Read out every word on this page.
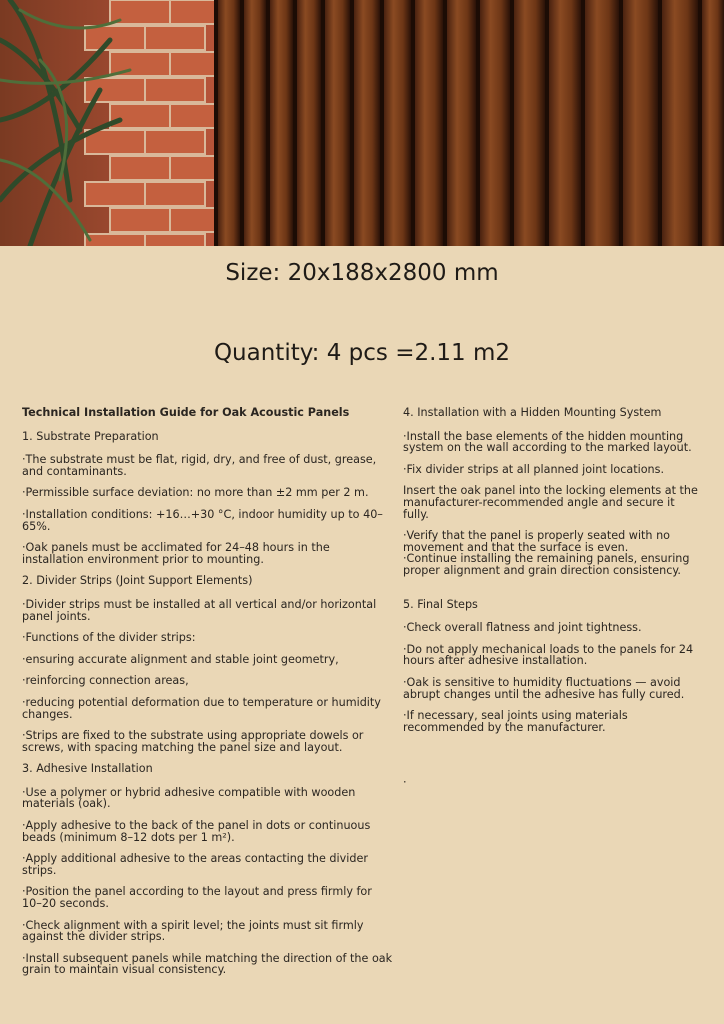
Size: 20x188x2800 mm
Quantity: 4 pcs =2.11 m2

Technical Installation Guide for Oak Acoustic Panels

1. Substrate Preparation

·The substrate must be flat, rigid, dry, and free of dust, grease, and contaminants.

·Permissible surface deviation: no more than ±2 mm per 2 m.

·Installation conditions: +16…+30 °C, indoor humidity up to 40–65%.

·Oak panels must be acclimated for 24–48 hours in the installation environment prior to mounting.

2. Divider Strips (Joint Support Elements)

·Divider strips must be installed at all vertical and/or horizontal panel joints.

·Functions of the divider strips:

·ensuring accurate alignment and stable joint geometry,

·reinforcing connection areas,

·reducing potential deformation due to temperature or humidity changes.

·Strips are fixed to the substrate using appropriate dowels or screws, with spacing matching the panel size and layout.

3. Adhesive Installation

·Use a polymer or hybrid adhesive compatible with wooden materials (oak).

·Apply adhesive to the back of the panel in dots or continuous beads (minimum 8–12 dots per 1 m²).

·Apply additional adhesive to the areas contacting the divider strips.

·Position the panel according to the layout and press firmly for 10–20 seconds.

·Check alignment with a spirit level; the joints must sit firmly against the divider strips.

·Install subsequent panels while matching the direction of the oak grain to maintain visual consistency.

4. Installation with a Hidden Mounting System

·Install the base elements of the hidden mounting system on the wall according to the marked layout.

·Fix divider strips at all planned joint locations.

Insert the oak panel into the locking elements at the manufacturer-recommended angle and secure it fully.

·Verify that the panel is properly seated with no movement and that the surface is even.

·Continue installing the remaining panels, ensuring proper alignment and grain direction consistency.

5. Final Steps

·Check overall flatness and joint tightness.

·Do not apply mechanical loads to the panels for 24 hours after adhesive installation.

·Oak is sensitive to humidity fluctuations — avoid abrupt changes until the adhesive has fully cured.

·If necessary, seal joints using materials recommended by the manufacturer.

·
